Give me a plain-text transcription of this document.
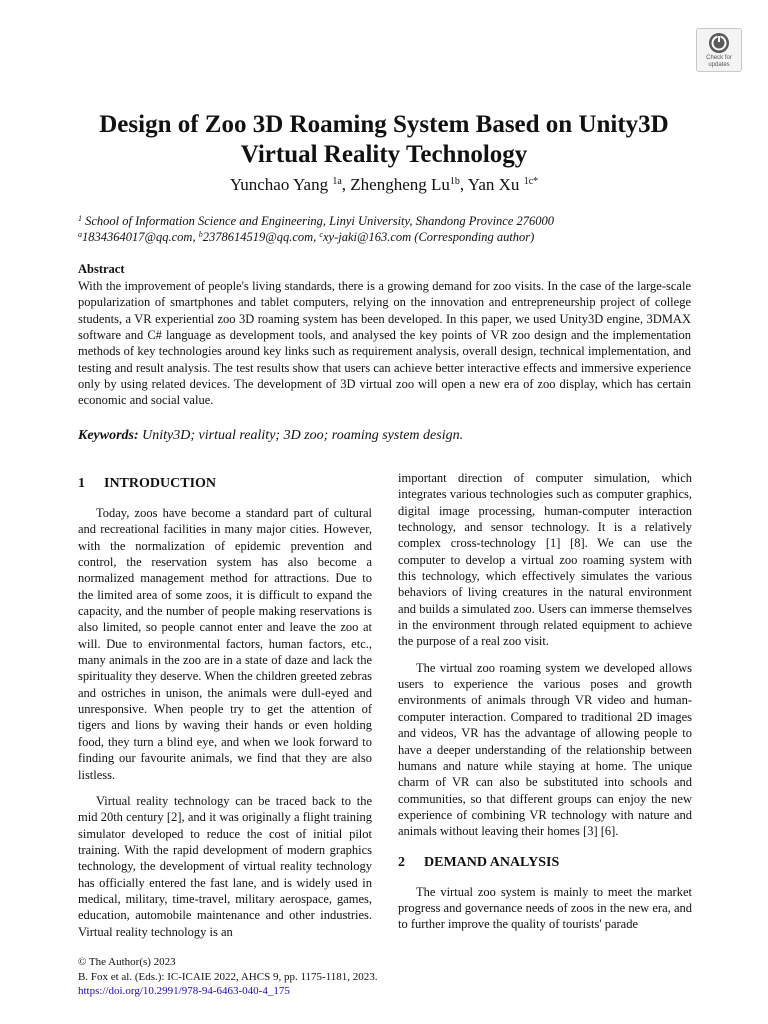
Check for
updates
Design of Zoo 3D Roaming System Based on Unity3D
Virtual Reality Technology
Yunchao Yang $^{1a}$, Zhengheng $Lu^{1b}$, Yan Xu $^{1c*}$
$^1$ School of Information Science and Engineering, Linyi University, Shandong Province 276000
$^a$1834364017@qq.com, $^b$2378614519@qq.com, $^c$xy-jaki@163.com (Corresponding author)
Abstract

With the improvement of people's living standards, there is a growing demand for zoo visits. In the case of the large-scale popularization of smartphones and tablet computers, relying on the innovation and entrepreneurship project of college students, a VR experiential zoo 3D roaming system has been developed. In this paper, we used Unity3D engine, 3DMAX software and C# language as development tools, and analysed the key points of VR zoo design and the implementation methods of key technologies around key links such as requirement analysis, overall design, technical implementation, and testing and result analysis. The test results show that users can achieve better interactive effects and immersive experience only by using related devices. The development of 3D virtual zoo will open a new era of zoo display, which has certain economic and social value.

Keywords: Unity3D; virtual reality; 3D zoo; roaming system design.
1 INTRODUCTION

Today, zoos have become a standard part of cultural and recreational facilities in many major cities. However, with the normalization of epidemic prevention and control, the reservation system has also become a normalized management method for attractions. Due to the limited area of some zoos, it is difficult to expand the capacity, and the number of people making reservations is also limited, so people cannot enter and leave the zoo at will. Due to environmental factors, human factors, etc., many animals in the zoo are in a state of daze and lack the spirituality they deserve. When the children greeted zebras and ostriches in unison, the animals were dull-eyed and unresponsive. When people try to get the attention of tigers and lions by waving their hands or even holding food, they turn a blind eye, and when we look forward to finding our favourite animals, we find that they are also listless.

Virtual reality technology can be traced back to the mid 20th century [2], and it was originally a flight training simulator developed to reduce the cost of initial pilot training. With the rapid development of modern graphics technology, the development of virtual reality technology has officially entered the fast lane, and is widely used in medical, military, time-travel, military aerospace, games, education, automobile maintenance and other industries. Virtual reality technology is an

important direction of computer simulation, which integrates various technologies such as computer graphics, digital image processing, human-computer interaction technology, and sensor technology. It is a relatively complex cross-technology [1] [8]. We can use the computer to develop a virtual zoo roaming system with this technology, which effectively simulates the various behaviors of living creatures in the natural environment and builds a simulated zoo. Users can immerse themselves in the environment through related equipment to achieve the purpose of a real zoo visit.

The virtual zoo roaming system we developed allows users to experience the various poses and growth environments of animals through VR video and human-computer interaction. Compared to traditional 2D images and videos, VR has the advantage of allowing people to have a deeper understanding of the relationship between humans and nature while staying at home. The unique charm of VR can also be substituted into schools and communities, so that different groups can enjoy the new experience of combining VR technology with nature and animals without leaving their homes [3] [6].

2 DEMAND ANALYSIS

The virtual zoo system is mainly to meet the market progress and governance needs of zoos in the new era, and to further improve the quality of tourists' parade

© The Author(s) 2023
B. Fox et al. (Eds.): IC-ICAIE 2022, AHCS 9, pp. 1175-1181, 2023.
https://doi.org/10.2991/978-94-6463-040-4_175
